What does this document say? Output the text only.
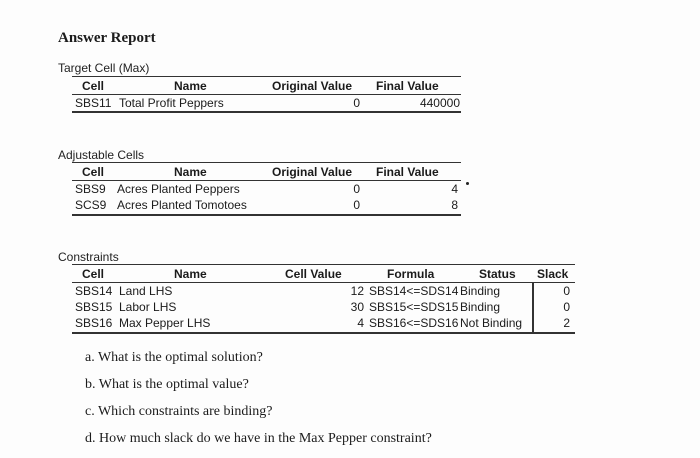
Answer Report
Target Cell (Max)
Cell	Name	Original Value Final Value
SBS11 Total Profit Peppers	0	440000
Adjustable Cells
Cell	Name	Original Value Final Value
SBS9 Acres Planted Peppers	0	4
SCS9 Acres Planted Tomotoes	0	8
Constraints
Cell	Name	Cell Value	Formula	Status Slack
SBS14 Land LHS	12 SBS14<=SDS14 Binding	0
SBS15 Labor LHS	30 SBS15<=SDS15 Binding	0
SBS16 Max Pepper LHS	4 SBS16<=SDS16 Not Binding	2
a. What is the optimal solution?
b. What is the optimal value?
c. Which constraints are binding?
d. How much slack do we have in the Max Pepper constraint?
